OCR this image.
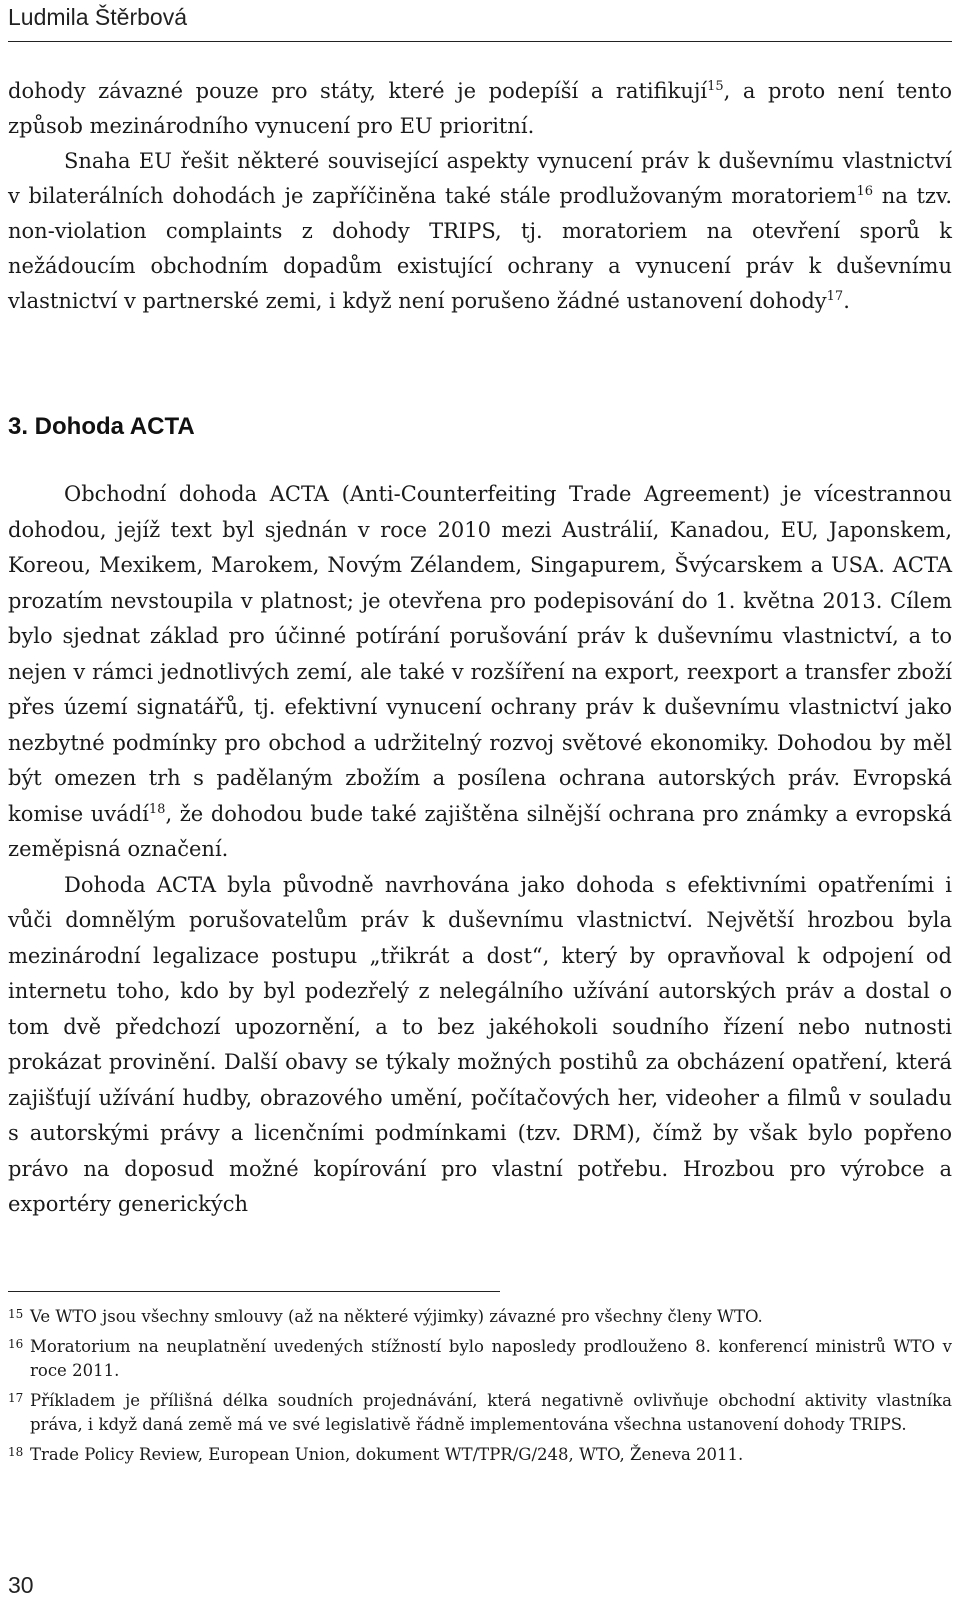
Ludmila Štěrbová

dohody závazné pouze pro státy, které je podepíší a ratifikují$^{15}$, a proto není tento způsob mezinárodního vynucení pro EU prioritní.

Snaha EU řešit některé související aspekty vynucení práv k duševnímu vlastnictví v bilaterálních dohodách je zapříčiněna také stále prodlužovaným moratoriem$^{16}$ na tzv. non-violation complaints z dohody TRIPS, tj. moratoriem na otevření sporů k nežádoucím obchodním dopadům existující ochrany a vynucení práv k duševnímu vlastnictví v partnerské zemi, i když není porušeno žádné ustanovení dohody$^{17}$.

3. Dohoda ACTA

Obchodní dohoda ACTA (Anti-Counterfeiting Trade Agreement) je vícestrannou dohodou, jejíž text byl sjednán v roce 2010 mezi Austrálií, Kanadou, EU, Japonskem, Koreou, Mexikem, Marokem, Novým Zélandem, Singapurem, Švýcarskem a USA. ACTA prozatím nevstoupila v platnost; je otevřena pro podepisování do 1. května 2013. Cílem bylo sjednat základ pro účinné potírání porušování práv k duševnímu vlastnictví, a to nejen v rámci jednotlivých zemí, ale také v rozšíření na export, reexport a transfer zboží přes území signatářů, tj. efektivní vynucení ochrany práv k duševnímu vlastnictví jako nezbytné podmínky pro obchod a udržitelný rozvoj světové ekonomiky. Dohodou by měl být omezen trh s padělaným zbožím a posílena ochrana autorských práv. Evropská komise uvádí$^{18}$, že dohodou bude také zajištěna silnější ochrana pro známky a evropská zeměpisná označení.

Dohoda ACTA byla původně navrhována jako dohoda s efektivními opatřeními i vůči domnělým porušovatelům práv k duševnímu vlastnictví. Největší hrozbou byla mezinárodní legalizace postupu „třikrát a dost“, který by opravňoval k odpojení od internetu toho, kdo by byl podezřelý z nelegálního užívání autorských práv a dostal o tom dvě předchozí upozornění, a to bez jakéhokoli soudního řízení nebo nutnosti prokázat provinění. Další obavy se týkaly možných postihů za obcházení opatření, která zajišťují užívání hudby, obrazového umění, počítačových her, videoher a filmů v souladu s autorskými právy a licenčními podmínkami (tzv. DRM), čímž by však bylo popřeno právo na doposud možné kopírování pro vlastní potřebu. Hrozbou pro výrobce a exportéry generických

15 Ve WTO jsou všechny smlouvy (až na některé výjimky) závazné pro všechny členy WTO.
16 Moratorium na neuplatnění uvedených stížností bylo naposledy prodlouženo 8. konferencí ministrů WTO v roce 2011.
17 Příkladem je přílišná délka soudních projednávání, která negativně ovlivňuje obchodní aktivity vlastníka práva, i když daná země má ve své legislativě řádně implementována všechna ustanovení dohody TRIPS.
18 Trade Policy Review, European Union, dokument WT/TPR/G/248, WTO, Ženeva 2011.
30
